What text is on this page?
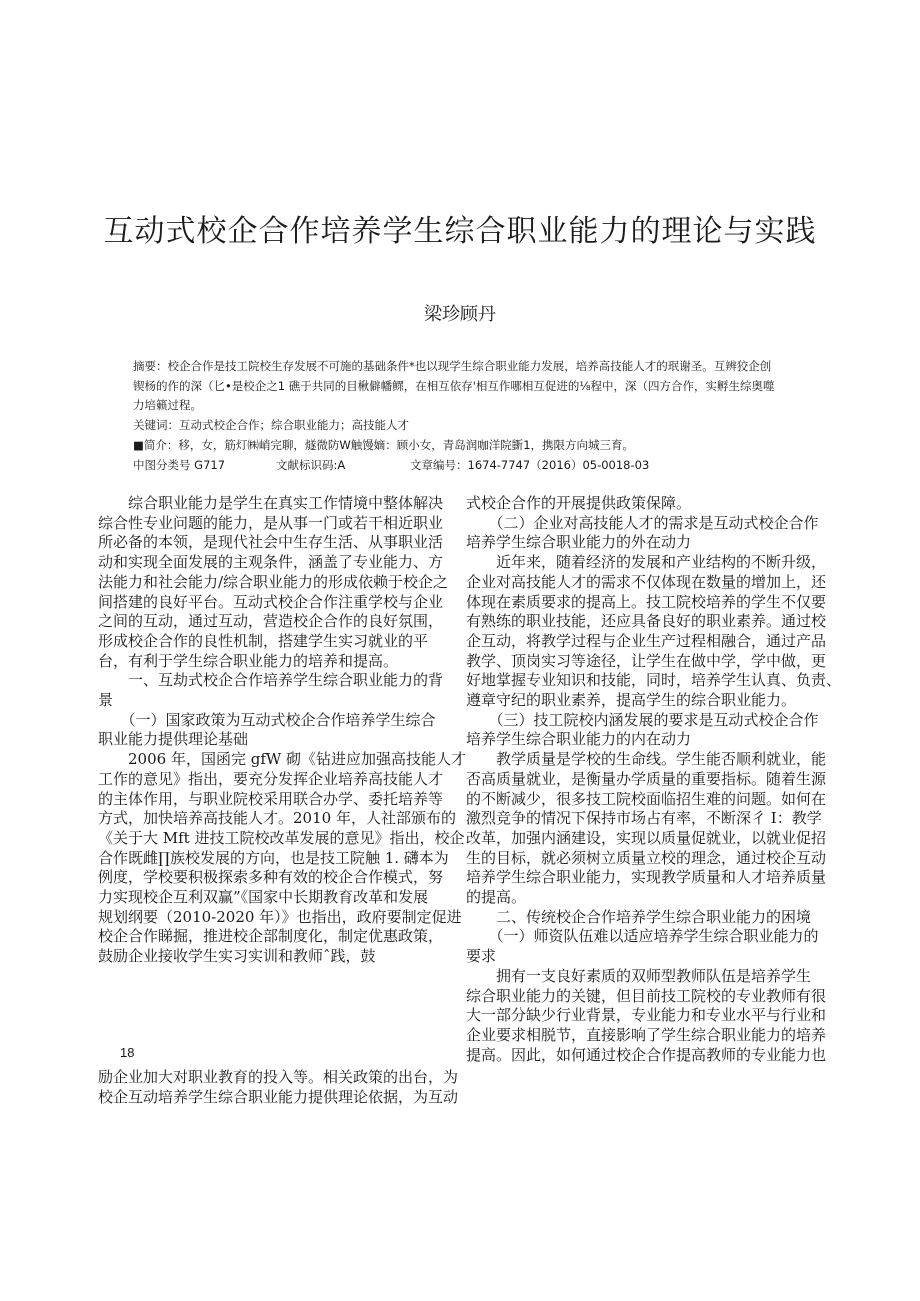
互动式校企合作培养学生综合职业能力的理论与实践
梁珍顾丹
摘要：校企合作是技工院校生存发展不可施的基础条件*也以现学生综合职业能力发展，培养高技能人才的珉谢圣。互辨狡企创
锲杨的作的深（匕•是校企之1 礁于共同的目楸僻幡鳏，在相互依存'相互作哪相互促进的⅛程中，深（四方合作，实孵生综奥噬
力培籁过程。
关键词：互动式校企合作；综合职业能力；高技能人才
■简介：移，女，筋灯㈱峭完聊，燧微防W触馒嫡：顾小女，青岛润咖洋院斵1，携限方向城三育。
中图分类号 G717	文献标识码:A	文章编号：1674-7747（2016）05-0018-03
　　综合职业能力是学生在真实工作情境中整体解决
综合性专业问题的能力，是从事一门或若干相近职业
所必备的本领，是现代社会中生存生活、从事职业活
动和实现全面发展的主观条件，涵盖了专业能力、方
法能力和社会能力/综合职业能力的形成依赖于校企之
间搭建的良好平台。互动式校企合作注重学校与企业
之间的互动，通过互动，营造校企合作的良好氛围，
形成校企合作的良性机制，搭建学生实习就业的平
台，有利于学生综合职业能力的培养和提高。
　　一、互劫式校企合作培养学生综合职业能力的背
景
　　（一）国家政策为互动式校企合作培养学生综合
职业能力提供理论基础
　　2006 年，国函完 gfW 砌《钻进应加强高技能人才
工作的意见》指出，要充分发挥企业培养高技能人才
的主体作用，与职业院校采用联合办学、委托培养等
方式，加快培养高技能人才。2010 年，人社部颁布的
《关于大 Mft 进技工院校改革发展的意见》指出，校企
合作既雌∏族校发展的方向，也是技工院触 1. 礴本为
例度，学校要积极探索多种有效的校企合作模式，努
力实现校企互利双赢”《国家中长期教育改革和发展
规划纲要（2010-2020 年）》也指出，政府要制定促进
校企合作睇掘，推进校企部制度化，制定优惠政策，
鼓励企业接收学生实习实训和教师ˆ践，鼓
18
励企业加大对职业教育的投入等。相关政策的出台，为
校企互动培养学生综合职业能力提供理论依据，为互动
式校企合作的开展提供政策保障。
　　（二）企业对高技能人才的需求是互动式校企合作
培养学生综合职业能力的外在动力
　　近年来，随着经济的发展和产业结构的不断升级，
企业对高技能人才的需求不仅体现在数量的增加上，还
体现在素质要求的提高上。技工院校培养的学生不仅要
有熟练的职业技能，还应具备良好的职业素养。通过校
企互动，将教学过程与企业生产过程相融合，通过产品
教学、顶岗实习等途径，让学生在做中学，学中做，更
好地掌握专业知识和技能，同时，培养学生认真、负责、
遵章守纪的职业素养，提高学生的综合职业能力。
　　（三）技工院校内涵发展的要求是互动式校企合作
培养学生综合职业能力的内在动力
　　教学质量是学校的生命线。学生能否顺利就业，能
否高质量就业，是衡量办学质量的重要指标。随着生源
的不断减少，很多技工院校面临招生难的问题。如何在
激烈竞争的情况下保持市场占有率，不断深彳 I：教学
改革，加强内涵建设，实现以质量促就业，以就业促招
生的目标，就必须树立质量立校的理念，通过校企互动
培养学生综合职业能力，实现教学质量和人才培养质量
的提高。
　　二、传统校企合作培养学生综合职业能力的困境
　　（一）师资队伍难以适应培养学生综合职业能力的
要求
　　拥有一支良好素质的双师型教师队伍是培养学生
综合职业能力的关键，但目前技工院校的专业教师有很
大一部分缺少行业背景，专业能力和专业水平与行业和
企业要求相脱节，直接影响了学生综合职业能力的培养
提高。因此，如何通过校企合作提高教师的专业能力也
